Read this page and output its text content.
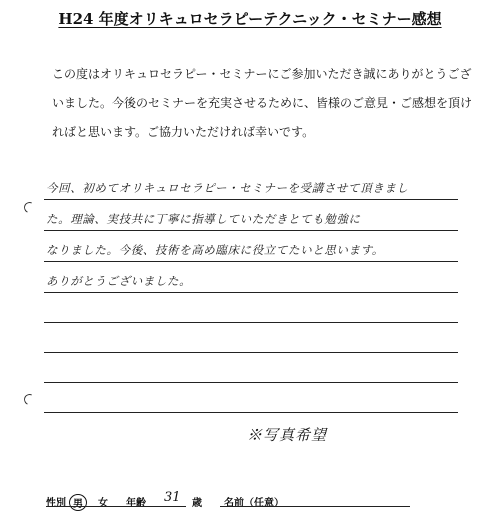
H24 年度オリキュロセラピーテクニック・セミナー感想
この度はオリキュロセラピー・セミナーにご参加いただき誠にありがとうござ
いました。今後のセミナーを充実させるために、皆様のご意見・ご感想を頂け
ればと思います。ご協力いただければ幸いです。
今回、初めてオリキュロセラピー・セミナーを受講させて頂きまし
た。理論、実技共に丁寧に指導していただきとても勉強に
なりました。今後、技術を高め臨床に役立てたいと思います。
ありがとうございました。
※写真希望
性別 男	女 年齢 31 歳 名前（任意）
